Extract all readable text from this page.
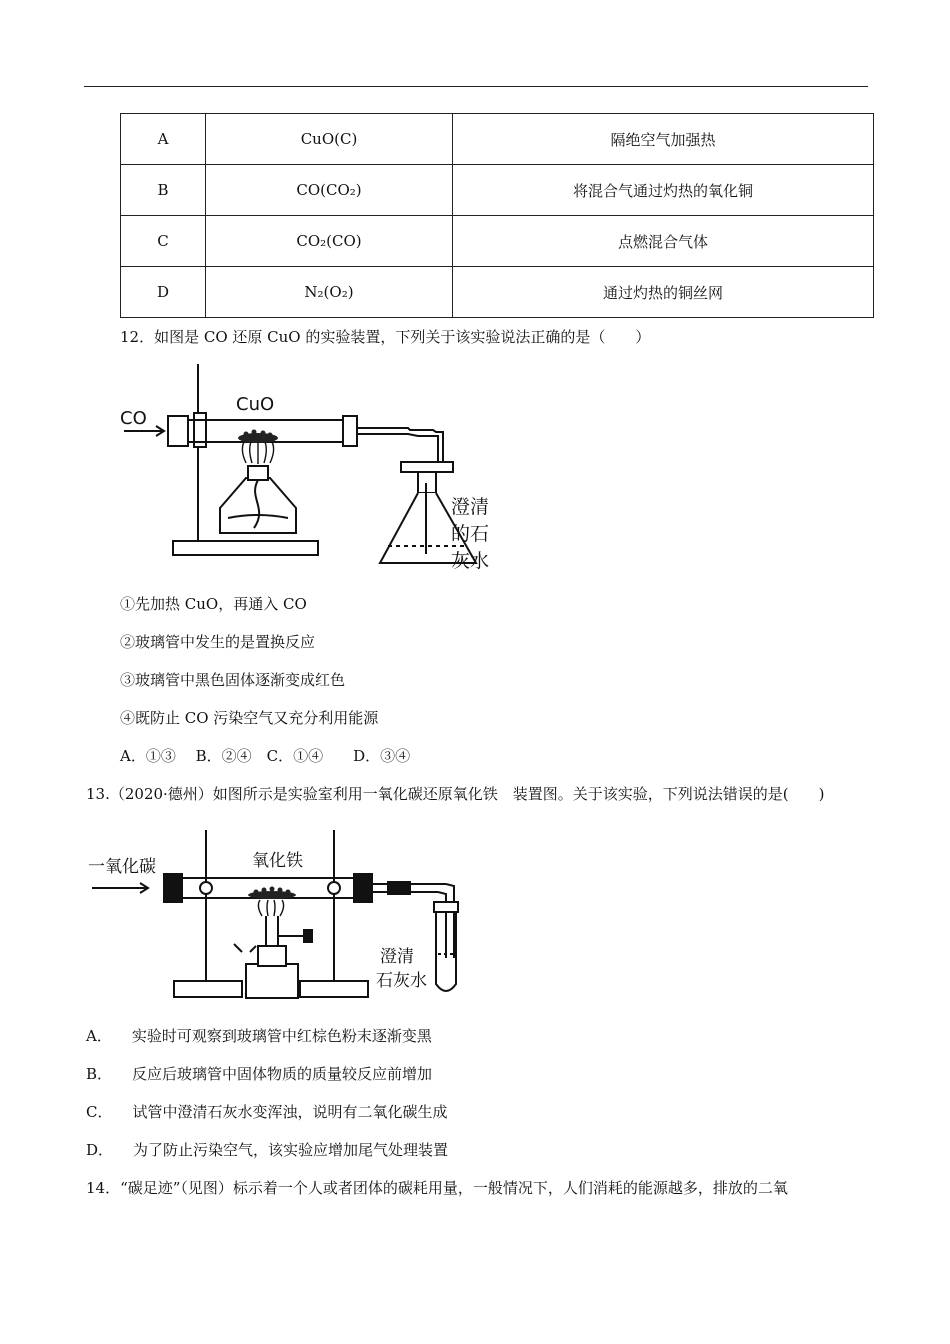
A	CuO(C)	隔绝空气加强热
B	CO(CO₂)	将混合气通过灼热的氧化铜
C	CO₂(CO)	点燃混合气体
D	N₂(O₂)	通过灼热的铜丝网
12．如图是 CO 还原 CuO 的实验装置，下列关于该实验说法正确的是（　　）
CO
CuO
澄清
的石
灰水
①先加热 CuO，再通入 CO
②玻璃管中发生的是置换反应
③玻璃管中黑色固体逐渐变成红色
④既防止 CO 污染空气又充分利用能源
A．①③　 B．②④　C．①④　　D．③④
13.（2020·德州）如图所示是实验室利用一氧化碳还原氧化铁　装置图。关于该实验，下列说法错误的是(　　)
一氧化碳	氧化铁
澄清
石灰水
A． 实验时可观察到玻璃管中红棕色粉末逐渐变黑
B． 反应后玻璃管中固体物质的质量较反应前增加
C． 试管中澄清石灰水变浑浊，说明有二氧化碳生成
D． 为了防止污染空气，该实验应增加尾气处理装置
14．“碳足迹”（见图）标示着一个人或者团体的碳耗用量，一般情况下，人们消耗的能源越多，排放的二氧
